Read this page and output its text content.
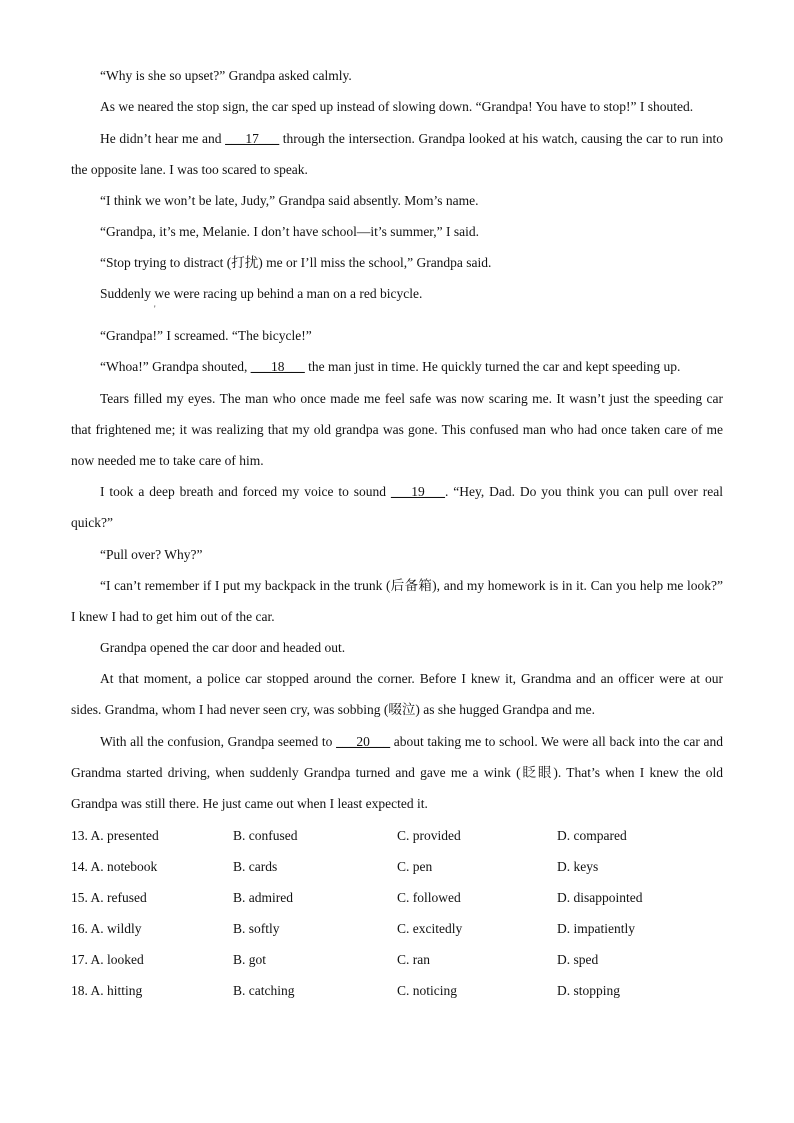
“Why is she so upset?” Grandpa asked calmly.

As we neared the stop sign, the car sped up instead of slowing down. “Grandpa! You have to stop!” I shouted.

He didn’t hear me and ___17___ through the intersection. Grandpa looked at his watch, causing the car to run into the opposite lane. I was too scared to speak.

“I think we won’t be late, Judy,” Grandpa said absently. Mom’s name.

“Grandpa, it’s me, Melanie. I don’t have school—it’s summer,” I said.

“Stop trying to distract (打扰) me or I’ll miss the school,” Grandpa said.

Suddenly we were racing up behind a man on a red bicycle.

'

“Grandpa!” I screamed. “The bicycle!”

“Whoa!” Grandpa shouted, ___18___ the man just in time. He quickly turned the car and kept speeding up.

Tears filled my eyes. The man who once made me feel safe was now scaring me. It wasn’t just the speeding car that frightened me; it was realizing that my old grandpa was gone. This confused man who had once taken care of me now needed me to take care of him.

I took a deep breath and forced my voice to sound ___19___. “Hey, Dad. Do you think you can pull over real quick?”

“Pull over? Why?”

“I can’t remember if I put my backpack in the trunk (后备箱), and my homework is in it. Can you help me look?” I knew I had to get him out of the car.

Grandpa opened the car door and headed out.

At that moment, a police car stopped around the corner. Before I knew it, Grandma and an officer were at our sides. Grandma, whom I had never seen cry, was sobbing (啜泣) as she hugged Grandpa and me.

With all the confusion, Grandpa seemed to ___20___ about taking me to school. We were all back into the car and Grandma started driving, when suddenly Grandpa turned and gave me a wink (眨眼). That’s when I knew the old Grandpa was still there. He just came out when I least expected it.

13. A. presented	B. confused	C. provided	D. compared
14. A. notebook	B. cards	C. pen	D. keys
15. A. refused	B. admired	C. followed	D. disappointed
16. A. wildly	B. softly	C. excitedly	D. impatiently
17. A. looked	B. got	C. ran	D. sped
18. A. hitting	B. catching	C. noticing	D. stopping
